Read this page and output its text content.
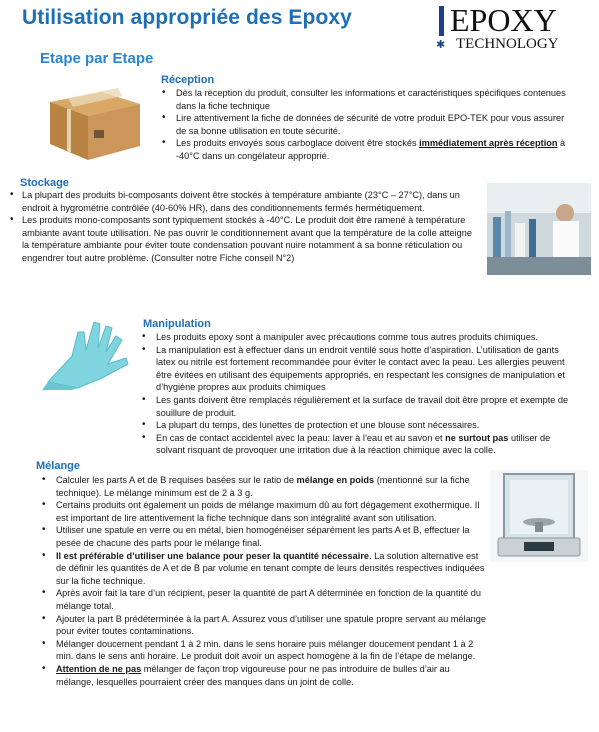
Utilisation appropriée des Epoxy
Etape par Etape
✱
EPOXY
TECHNOLOGY
Réception
• Dès la réception du produit, consulter les informations et caractéristiques spécifiques contenues dans la fiche technique
• Lire attentivement la fiche de données de sécurité de votre produit EPO-TEK pour vous assurer de sa bonne utilisation en toute sécurité.
• Les produits envoyés sous carboglace doivent être stockés immédiatement après réception à -40°C dans un congélateur approprié.
Stockage
• La plupart des produits bi-composants doivent être stockés à température ambiante (23°C – 27°C), dans un endroit à hygrométrie contrôlée (40-60% HR), dans des conditionnements fermés hermétiquement.
• Les produits mono-composants sont typiquement stockés à -40°C. Le produit doit être ramené à température ambiante avant toute utilisation. Ne pas ouvrir le conditionnement avant que la température de la colle atteigne la température ambiante pour éviter toute condensation pouvant nuire notamment à sa bonne réticulation ou engendrer tout autre problème. (Consulter notre Fiche conseil N°2)
Manipulation
• Les produits epoxy sont à manipuler avec précautions comme tous autres produits chimiques.
• La manipulation est à effectuer dans un endroit ventilé sous hotte d’aspiration. L’utilisation de gants latex ou nitrile est fortement recommandée pour éviter le contact avec la peau. Les allergies peuvent être évitées en utilisant des équipements appropriés, en respectant les consignes de manipulation et d’hygiène propres aux produits chimiques
• Les gants doivent être remplacés régulièrement et la surface de travail doit être propre et exempte de souillure de produit.
• La plupart du temps, des lunettes de protection et une blouse sont nécessaires.
• En cas de contact accidentel avec la peau: laver à l’eau et au savon et ne surtout pas utiliser de solvant risquant de provoquer une irritation due à la réaction chimique avec la colle.
Mélange
• Calculer les parts A et de B requises basées sur le ratio de mélange en poids (mentionné sur la fiche technique). Le mélange minimum est de 2 à 3 g.
• Certains produits ont également un poids de mélange maximum dû au fort dégagement exothermique. Il est important de lire attentivement la fiche technique dans son intégralité avant son utilisation.
• Utiliser une spatule en verre ou en métal, bien homogénéiser séparément les parts A et B, effectuer la pesée de chacune des parts pour le mélange final.
• Il est préférable d’utiliser une balance pour peser la quantité nécessaire. La solution alternative est de définir les quantités de A et de B par volume en tenant compte de leurs densités respectives indiquées sur la fiche technique.
• Après avoir fait la tare d’un récipient, peser la quantité de part A déterminée en fonction de la quantité du mélange total.
• Ajouter la part B prédéterminée à la part A. Assurez vous d’utiliser une spatule propre servant au mélange pour éviter toutes contaminations.
• Mélanger doucement pendant 1 à 2 min. dans le sens horaire puis mélanger doucement pendant 1 à 2 min. dans le sens anti horaire. Le produit doit avoir un aspect homogène à la fin de l’étape de mélange.
• Attention de ne pas mélanger de façon trop vigoureuse pour ne pas introduire de bulles d’air au mélange, lesquelles pourraient créer des manques dans un joint de colle.
